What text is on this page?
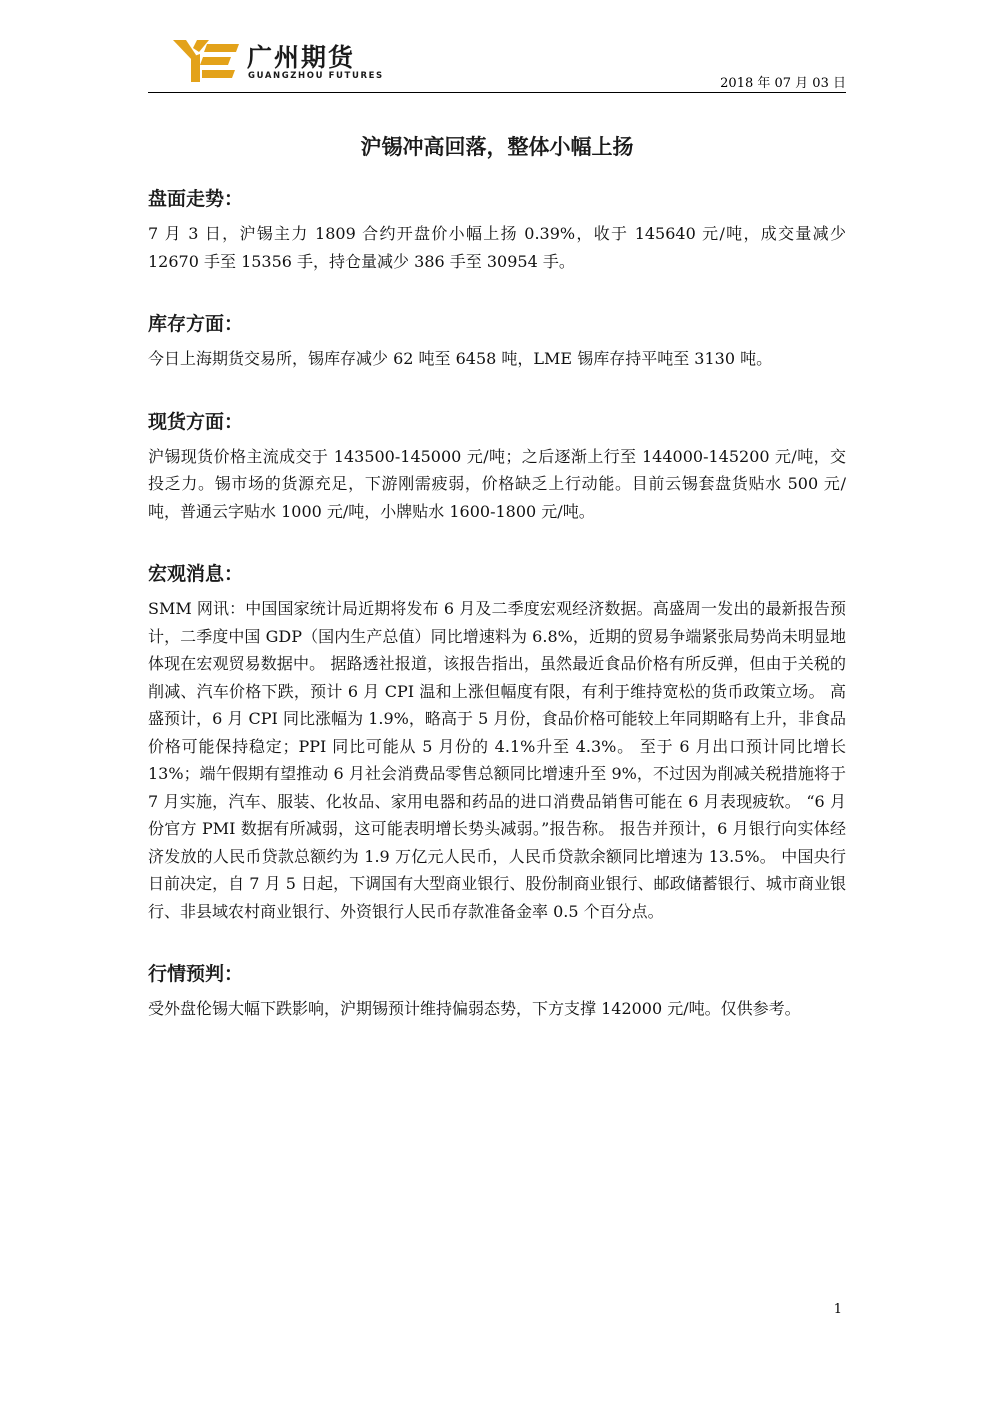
广州期货
GUANGZHOU FUTURES	2018 年 07 月 03 日
沪锡冲高回落，整体小幅上扬
盘面走势：

7 月 3 日，沪锡主力 1809 合约开盘价小幅上扬 0.39%，收于 145640 元/吨，成交量减少 12670 手至 15356 手，持仓量减少 386 手至 30954 手。

库存方面：

今日上海期货交易所，锡库存减少 62 吨至 6458 吨，LME 锡库存持平吨至 3130 吨。

现货方面：

沪锡现货价格主流成交于 143500-145000 元/吨；之后逐渐上行至 144000-145200 元/吨，交投乏力。锡市场的货源充足，下游刚需疲弱，价格缺乏上行动能。目前云锡套盘货贴水 500 元/吨，普通云字贴水 1000 元/吨，小牌贴水 1600-1800 元/吨。

宏观消息：

SMM 网讯：中国国家统计局近期将发布 6 月及二季度宏观经济数据。高盛周一发出的最新报告预计，二季度中国 GDP（国内生产总值）同比增速料为 6.8%，近期的贸易争端紧张局势尚未明显地体现在宏观贸易数据中。 据路透社报道，该报告指出，虽然最近食品价格有所反弹，但由于关税的削减、汽车价格下跌，预计 6 月 CPI 温和上涨但幅度有限，有利于维持宽松的货币政策立场。 高盛预计，6 月 CPI 同比涨幅为 1.9%，略高于 5 月份，食品价格可能较上年同期略有上升，非食品价格可能保持稳定；PPI 同比可能从 5 月份的 4.1%升至 4.3%。 至于 6 月出口预计同比增长 13%；端午假期有望推动 6 月社会消费品零售总额同比增速升至 9%，不过因为削减关税措施将于 7 月实施，汽车、服装、化妆品、家用电器和药品的进口消费品销售可能在 6 月表现疲软。 “6 月份官方 PMI 数据有所减弱，这可能表明增长势头减弱。”报告称。 报告并预计，6 月银行向实体经济发放的人民币贷款总额约为 1.9 万亿元人民币，人民币贷款余额同比增速为 13.5%。 中国央行日前决定，自 7 月 5 日起，下调国有大型商业银行、股份制商业银行、邮政储蓄银行、城市商业银行、非县域农村商业银行、外资银行人民币存款准备金率 0.5 个百分点。

行情预判：

受外盘伦锡大幅下跌影响，沪期锡预计维持偏弱态势，下方支撑 142000 元/吨。仅供参考。

1
